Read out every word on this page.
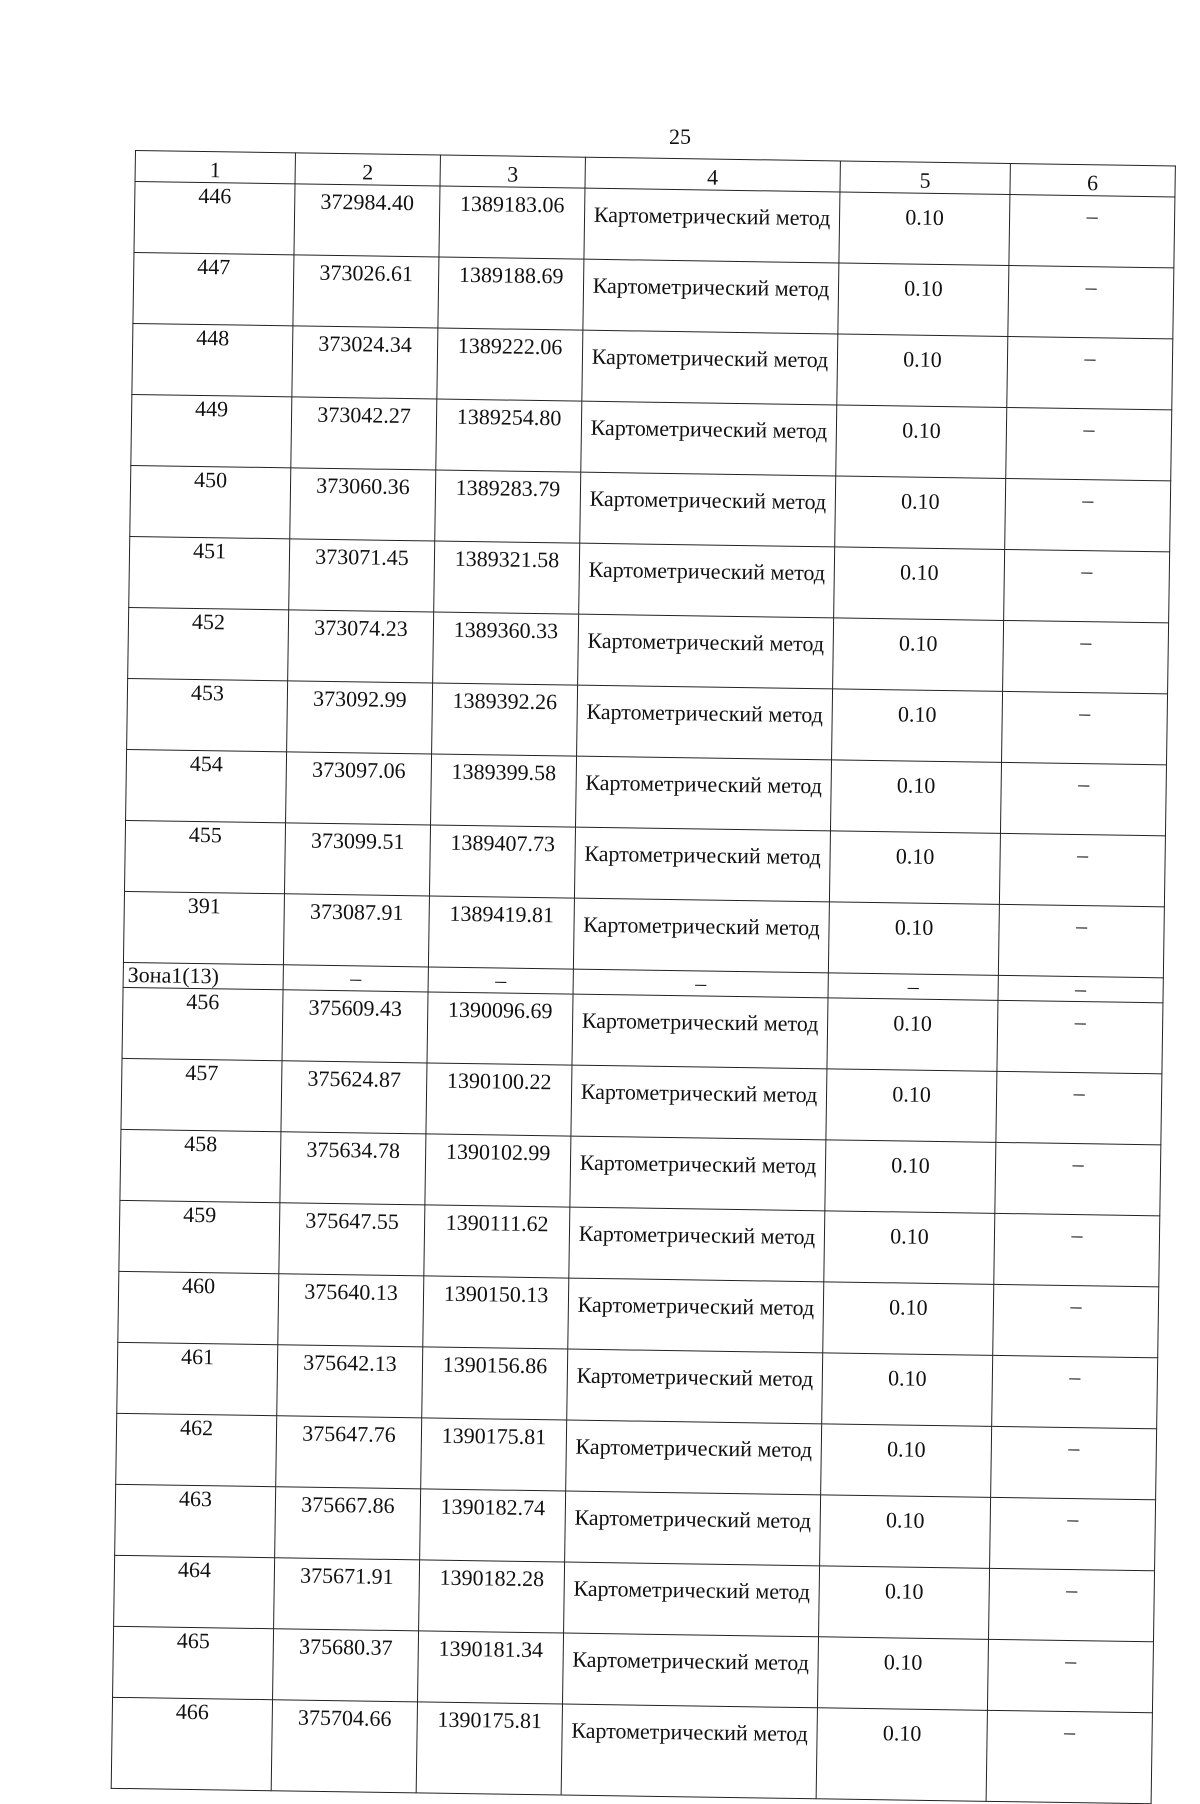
25
1	2	3	4	5	6
446	372984.40	1389183.06	Картометрический метод	0.10	–
447	373026.61	1389188.69	Картометрический метод	0.10	–
448	373024.34	1389222.06	Картометрический метод	0.10	–
449	373042.27	1389254.80	Картометрический метод	0.10	–
450	373060.36	1389283.79	Картометрический метод	0.10	–
451	373071.45	1389321.58	Картометрический метод	0.10	–
452	373074.23	1389360.33	Картометрический метод	0.10	–
453	373092.99	1389392.26	Картометрический метод	0.10	–
454	373097.06	1389399.58	Картометрический метод	0.10	–
455	373099.51	1389407.73	Картометрический метод	0.10	–
391	373087.91	1389419.81	Картометрический метод	0.10	–
Зона1(13)	–	–	–	–	–
456	375609.43	1390096.69	Картометрический метод	0.10	–
457	375624.87	1390100.22	Картометрический метод	0.10	–
458	375634.78	1390102.99	Картометрический метод	0.10	–
459	375647.55	1390111.62	Картометрический метод	0.10	–
460	375640.13	1390150.13	Картометрический метод	0.10	–
461	375642.13	1390156.86	Картометрический метод	0.10	–
462	375647.76	1390175.81	Картометрический метод	0.10	–
463	375667.86	1390182.74	Картометрический метод	0.10	–
464	375671.91	1390182.28	Картометрический метод	0.10	–
465	375680.37	1390181.34	Картометрический метод	0.10	–
466	375704.66	1390175.81	Картометрический метод	0.10	–
